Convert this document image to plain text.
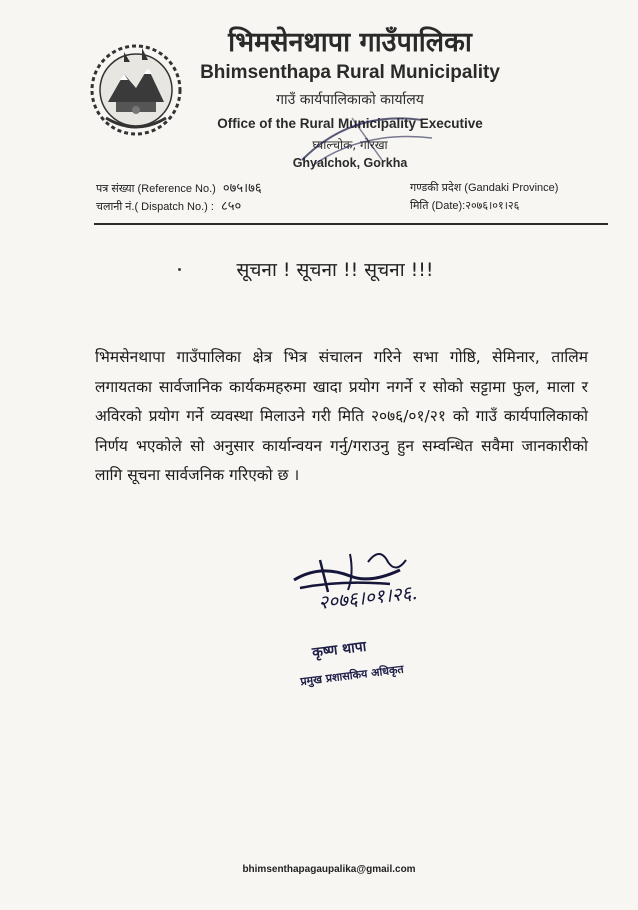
भिमसेनथापा गाउँपालिका
Bhimsenthapa Rural Municipality
गाउँ कार्यपालिकाको कार्यालय
Office of the Rural Municipality Executive
घ्याल्चोक, गोरखा
Ghyalchok, Gorkha
पत्र संख्या (Reference No.) ०७५।७६
चलानी नं.( Dispatch No.) : ८५०
गण्डकी प्रदेश (Gandaki Province)
मिति (Date):२०७६।०१।२६
सूचना ! सूचना !! सूचना !!!
भिमसेनथापा गाउँपालिका क्षेत्र भित्र संचालन गरिने सभा गोष्ठि, सेमिनार, तालिम लगायतका सार्वजानिक कार्यकमहरुमा खादा प्रयोग नगर्ने र सोको सट्टामा फुल, माला र अविरको प्रयोग गर्ने व्यवस्था मिलाउने गरी मिति २०७६/०१/२१ को गाउँ कार्यपालिकाको निर्णय भएकोले सो अनुसार कार्यान्वयन गर्नु/गराउनु हुन सम्वन्धित सवैमा जानकारीको लागि सूचना सार्वजनिक गरिएको छ ।
२०७६।०१।२६.
कृष्ण थापा
प्रमुख प्रशासकिय अधिकृत
bhimsenthapagaupalika@gmail.com
